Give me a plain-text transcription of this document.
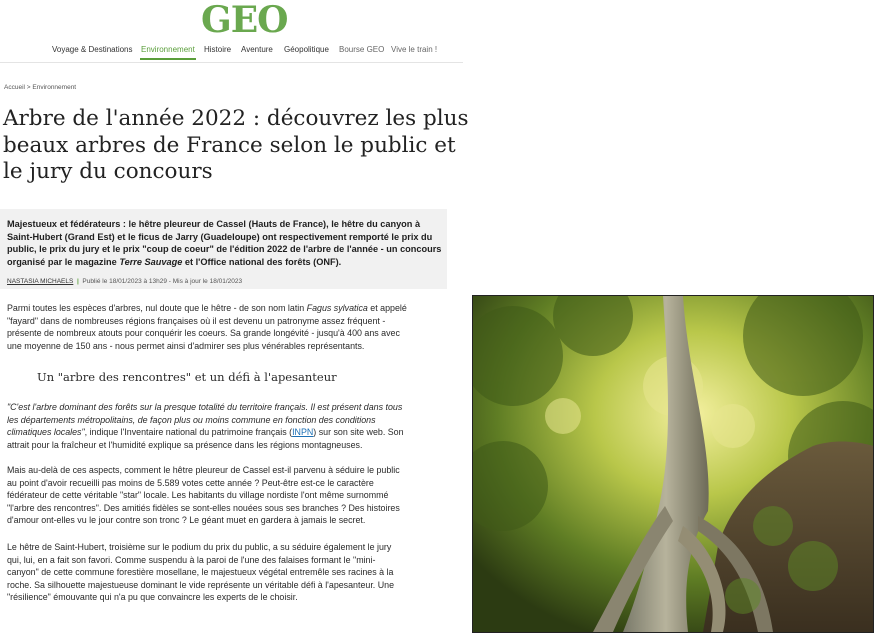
GEO
Voyage & Destinations Environnement Histoire Aventure Géopolitique Bourse GEO Vive le train !
Accueil > Environnement
Arbre de l'année 2022 : découvrez les plus beaux arbres de France selon le public et le jury du concours
Majestueux et fédérateurs : le hêtre pleureur de Cassel (Hauts de France), le hêtre du canyon à Saint-Hubert (Grand Est) et le ficus de Jarry (Guadeloupe) ont respectivement remporté le prix du public, le prix du jury et le prix "coup de coeur" de l'édition 2022 de l'arbre de l'année - un concours organisé par le magazine Terre Sauvage et l'Office national des forêts (ONF).
NASTASIA MICHAELS  |  Publié le 18/01/2023 à 13h29 - Mis à jour le 18/01/2023

Parmi toutes les espèces d'arbres, nul doute que le hêtre - de son nom latin Fagus sylvatica et appelé "fayard" dans de nombreuses régions françaises où il est devenu un patronyme assez fréquent - présente de nombreux atouts pour conquérir les coeurs. Sa grande longévité - jusqu'à 400 ans avec une moyenne de 150 ans - nous permet ainsi d'admirer ses plus vénérables représentants.

Un "arbre des rencontres" et un défi à l'apesanteur

"C'est l'arbre dominant des forêts sur la presque totalité du territoire français. Il est présent dans tous les départements métropolitains, de façon plus ou moins commune en fonction des conditions climatiques locales", indique l'Inventaire national du patrimoine français (INPN) sur son site web. Son attrait pour la fraîcheur et l'humidité explique sa présence dans les régions montagneuses.

Mais au-delà de ces aspects, comment le hêtre pleureur de Cassel est-il parvenu à séduire le public au point d'avoir recueilli pas moins de 5.589 votes cette année ? Peut-être est-ce le caractère fédérateur de cette véritable "star" locale. Les habitants du village nordiste l'ont même surnommé "l'arbre des rencontres". Des amitiés fidèles se sont-elles nouées sous ses branches ? Des histoires d'amour ont-elles vu le jour contre son tronc ? Le géant muet en gardera à jamais le secret.

Le hêtre de Saint-Hubert, troisième sur le podium du prix du public, a su séduire également le jury qui, lui, en a fait son favori. Comme suspendu à la paroi de l'une des falaises formant le "mini-canyon" de cette commune forestière mosellane, le majestueux végétal entremêle ses racines à la roche. Sa silhouette majestueuse dominant le vide représente un véritable défi à l'apesanteur. Une "résilience" émouvante qui n'a pu que convaincre les experts de le choisir.
